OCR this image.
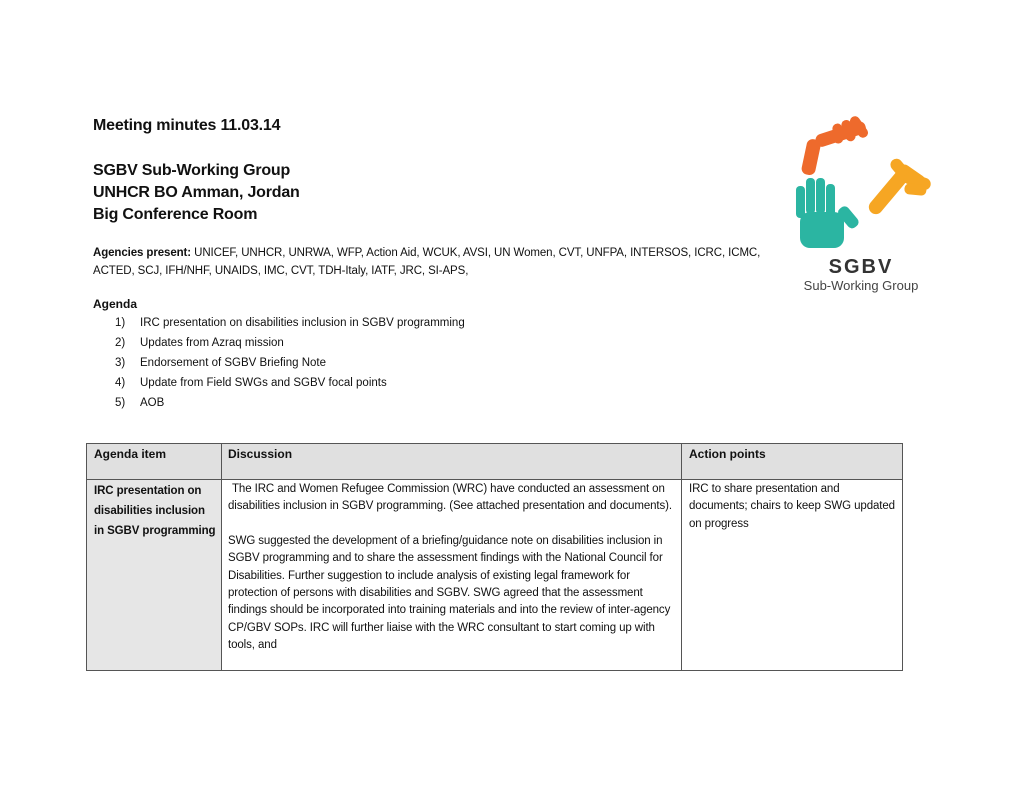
Meeting minutes 11.03.14
SGBV Sub-Working Group
UNHCR BO Amman, Jordan
Big Conference Room
Agencies present: UNICEF, UNHCR, UNRWA, WFP, Action Aid, WCUK, AVSI, UN Women, CVT, UNFPA, INTERSOS, ICRC, ICMC, ACTED, SCJ, IFH/NHF, UNAIDS, IMC, CVT, TDH-Italy, IATF, JRC, SI-APS,
Agenda
1) IRC presentation on disabilities inclusion in SGBV programming
2) Updates from Azraq mission
3) Endorsement of SGBV Briefing Note
4) Update from Field SWGs and SGBV focal points
5) AOB
SGBV
Sub-Working Group
Agenda item	Discussion	Action points
IRC presentation on disabilities inclusion in SGBV programming

The IRC and Women Refugee Commission (WRC) have conducted an assessment on disabilities inclusion in SGBV programming. (See attached presentation and documents).

SWG suggested the development of a briefing/guidance note on disabilities inclusion in SGBV programming and to share the assessment findings with the National Council for Disabilities. Further suggestion to include analysis of existing legal framework for protection of persons with disabilities and SGBV. SWG agreed that the assessment findings should be incorporated into training materials and into the review of inter-agency CP/GBV SOPs. IRC will further liaise with the WRC consultant to start coming up with tools, and

IRC to share presentation and documents; chairs to keep SWG updated on progress
